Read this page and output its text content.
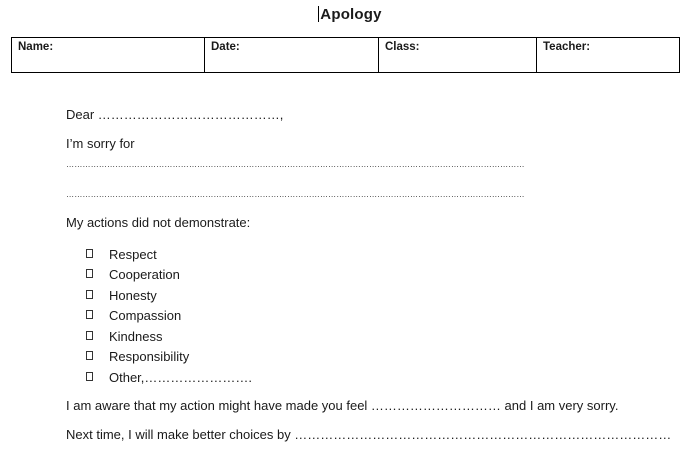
Apology
Name:	Date:	Class:	Teacher:
Dear ……………………………………,
I’m sorry for
……………………………………………………………………………………………………………………………………………………
……………………………………………………………………………………………………………………………………………………
My actions did not demonstrate:
Respect
Cooperation
Honesty
Compassion
Kindness
Responsibility
Other,…………………….
I am aware that my action might have made you feel ………………………… and I am very sorry.
Next time, I will make better choices by ……………………………………………………………………………
